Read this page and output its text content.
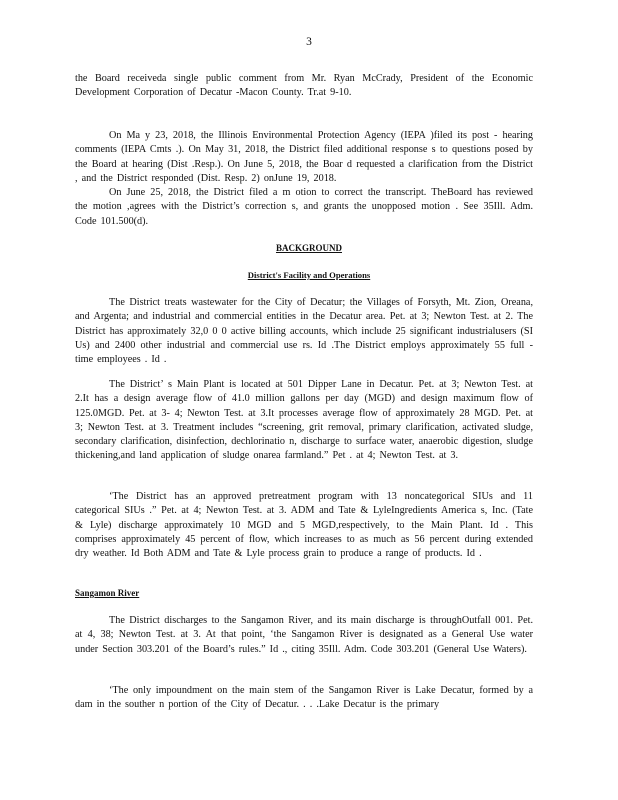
3
the Board receiveda single public comment from Mr. Ryan McCrady, President of the Economic Development Corporation of Decatur -Macon County. Tr.at 9-10.
On Ma y 23, 2018, the Illinois Environmental Protection Agency (IEPA )filed its post - hearing comments (IEPA Cmts .). On May 31, 2018, the District filed additional response s to questions posed by the Board at hearing (Dist .Resp.). On June 5, 2018, the Boar d requested a clarification from the District , and the District responded (Dist. Resp. 2) onJune 19, 2018.
On June 25, 2018, the District filed a m otion to correct the transcript. TheBoard has reviewed the motion ,agrees with the District’s correction s, and grants the unopposed motion . See 35Ill. Adm. Code 101.500(d).
BACKGROUND
District's Facility and Operations
The District treats wastewater for the City of Decatur; the Villages of Forsyth, Mt. Zion, Oreana, and Argenta; and industrial and commercial entities in the Decatur area. Pet. at 3; Newton Test. at 2. The District has approximately 32,0 0 0 active billing accounts, which include 25 significant industrialusers (SI Us) and 2400 other industrial and commercial use rs. Id .The District employs approximately 55 full - time employees . Id .
The District’ s Main Plant is located at 501 Dipper Lane in Decatur. Pet. at 3; Newton Test. at 2.It has a design average flow of 41.0 million gallons per day (MGD) and design maximum flow of 125.0MGD. Pet. at 3- 4; Newton Test. at 3.It processes average flow of approximately 28 MGD. Pet. at 3; Newton Test. at 3. Treatment includes “screening, grit removal, primary clarification, activated sludge, secondary clarification, disinfection, dechlorinatio n, discharge to surface water, anaerobic digestion, sludge thickening,and land application of sludge onarea farmland.” Pet . at 4; Newton Test. at 3.
‘The District has an approved pretreatment program with 13 noncategorical SIUs and 11 categorical SIUs .” Pet. at 4; Newton Test. at 3. ADM and Tate & LyleIngredients America s, Inc. (Tate & Lyle) discharge approximately 10 MGD and 5 MGD,respectively, to the Main Plant. Id . This comprises approximately 45 percent of flow, which increases to as much as 56 percent during extended dry weather. Id Both ADM and Tate & Lyle process grain to produce a range of products. Id .
Sangamon River
The District discharges to the Sangamon River, and its main discharge is throughOutfall 001. Pet. at 4, 38; Newton Test. at 3. At that point, ‘the Sangamon River is designated as a General Use water under Section 303.201 of the Board’s rules.” Id ., citing 35Ill. Adm. Code 303.201 (General Use Waters).
‘The only impoundment on the main stem of the Sangamon River is Lake Decatur, formed by a dam in the souther n portion of the City of Decatur. . . .Lake Decatur is the primary
